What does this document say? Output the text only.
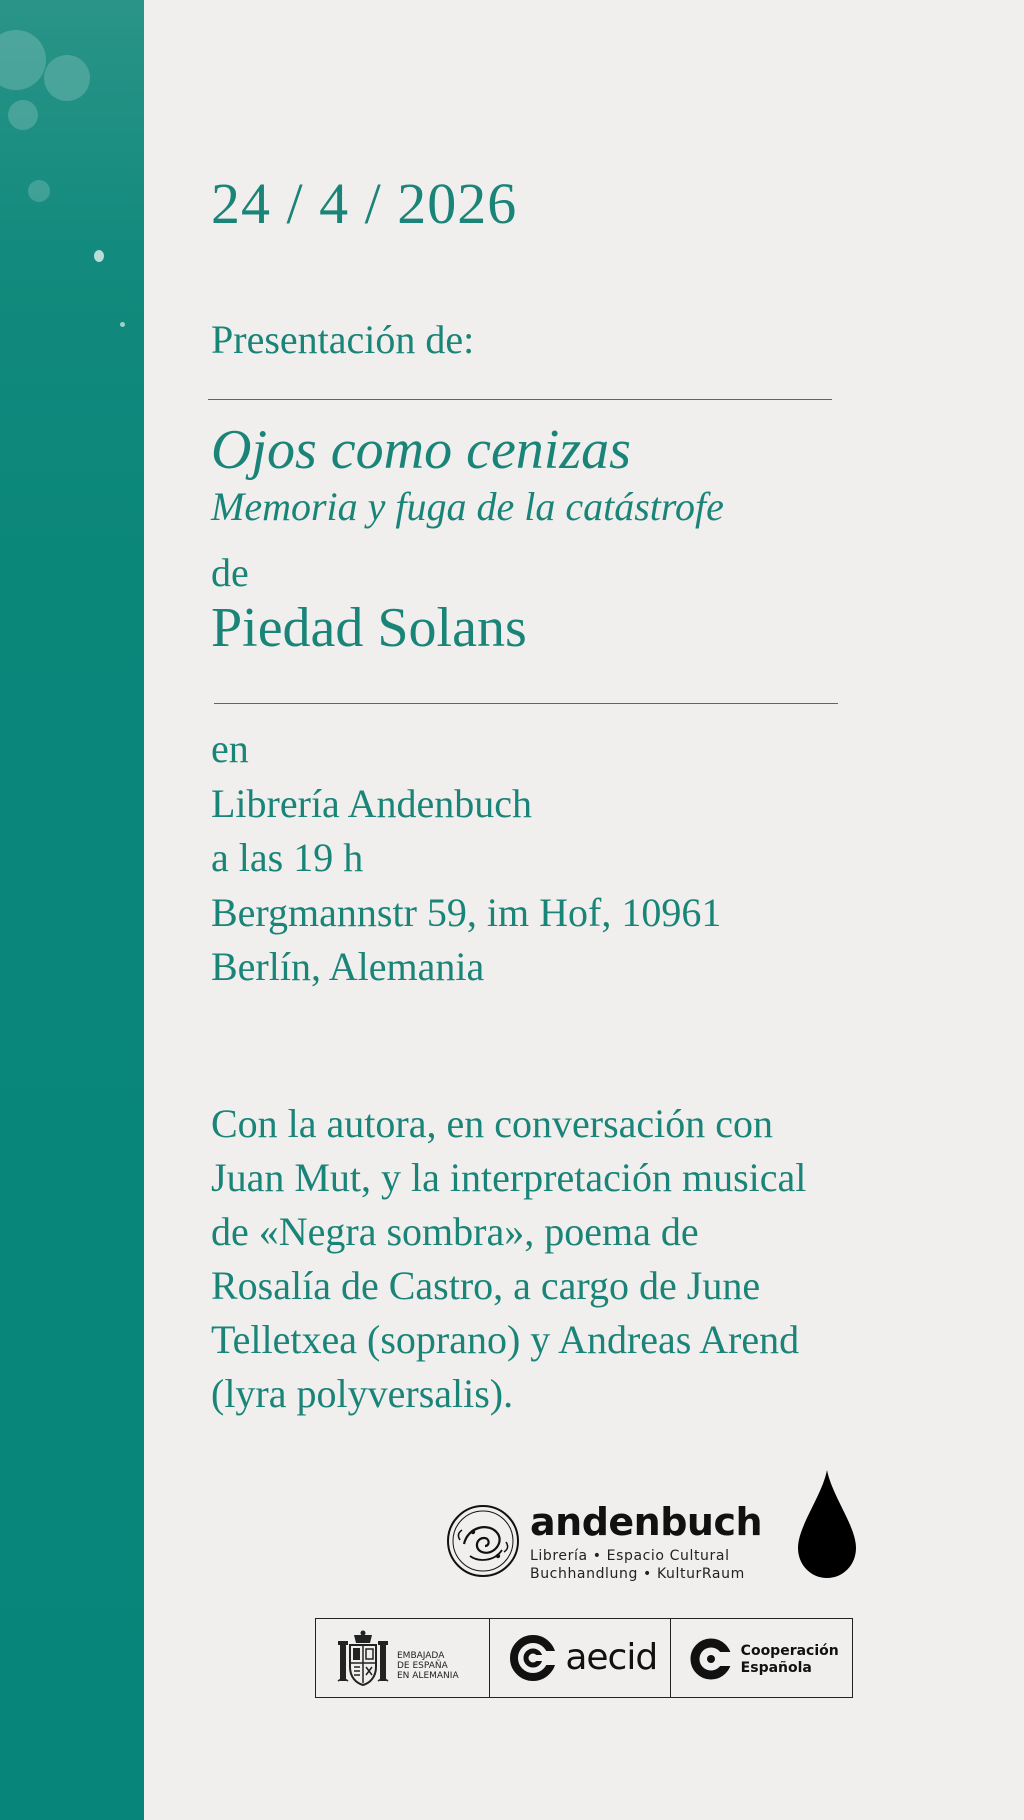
24 / 4 / 2026
Presentación de:
Ojos como cenizas
Memoria y fuga de la catástrofe
de
Piedad Solans
en
Librería Andenbuch
a las 19 h
Bergmannstr 59, im Hof, 10961
Berlín, Alemania
Con la autora, en conversación con
Juan Mut, y la interpretación musical
de «Negra sombra», poema de
Rosalía de Castro, a cargo de June
Telletxea (soprano) y Andreas Arend
(lyra polyversalis).
andenbuch
Librería • Espacio Cultural
Buchhandlung • KulturRaum
EMBAJADA
DE ESPAÑA
EN ALEMANIA	aecid	Cooperación
Española
